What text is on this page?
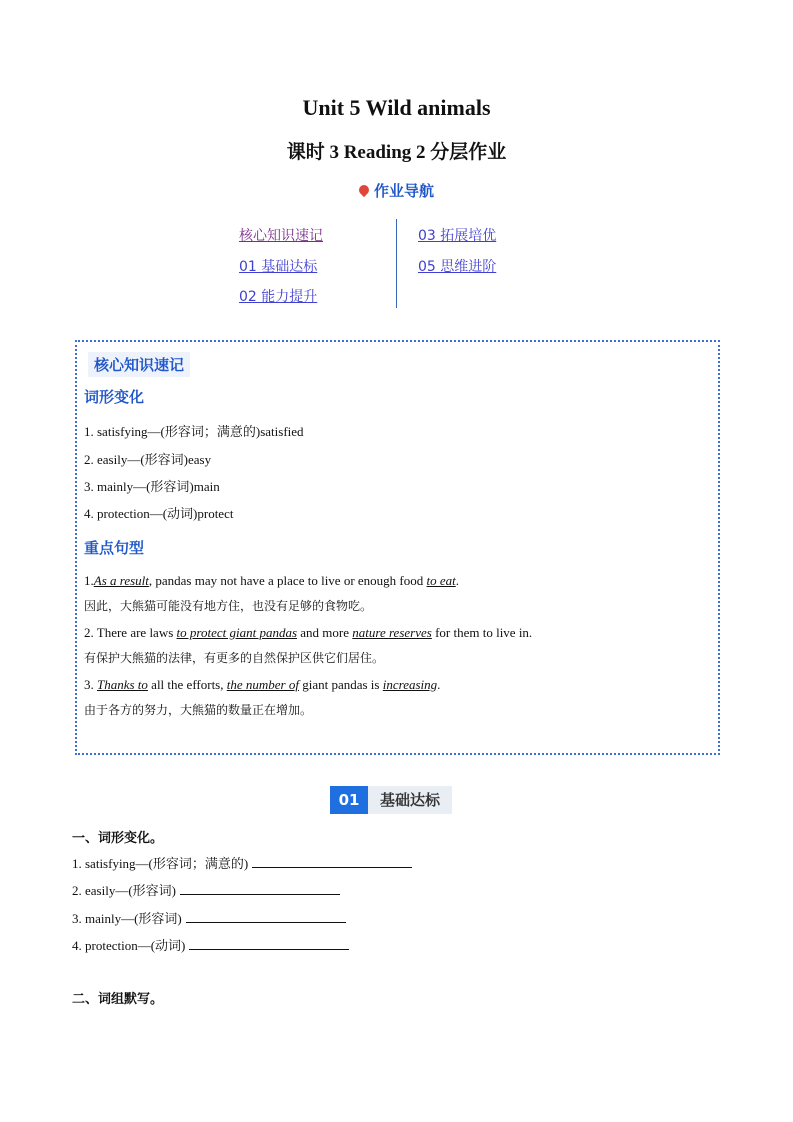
Unit 5 Wild animals
课时 3 Reading 2 分层作业
作业导航
核心知识速记
01 基础达标
02 能力提升
03 拓展培优
05 思维进阶
核心知识速记
词形变化
1. satisfying—(形容词；满意的)satisfied
2. easily—(形容词)easy
3. mainly—(形容词)main
4. protection—(动词)protect
重点句型
1.As a result, pandas may not have a place to live or enough food to eat.
因此，大熊猫可能没有地方住，也没有足够的食物吃。
2. There are laws to protect giant pandas and more nature reserves for them to live in.
有保护大熊猫的法律，有更多的自然保护区供它们居住。
3. Thanks to all the efforts, the number of giant pandas is increasing.
由于各方的努力，大熊猫的数量正在增加。
01	基础达标
一、词形变化。
1. satisfying—(形容词；满意的)
2. easily—(形容词)
3. mainly—(形容词)
4. protection—(动词)
二、词组默写。
